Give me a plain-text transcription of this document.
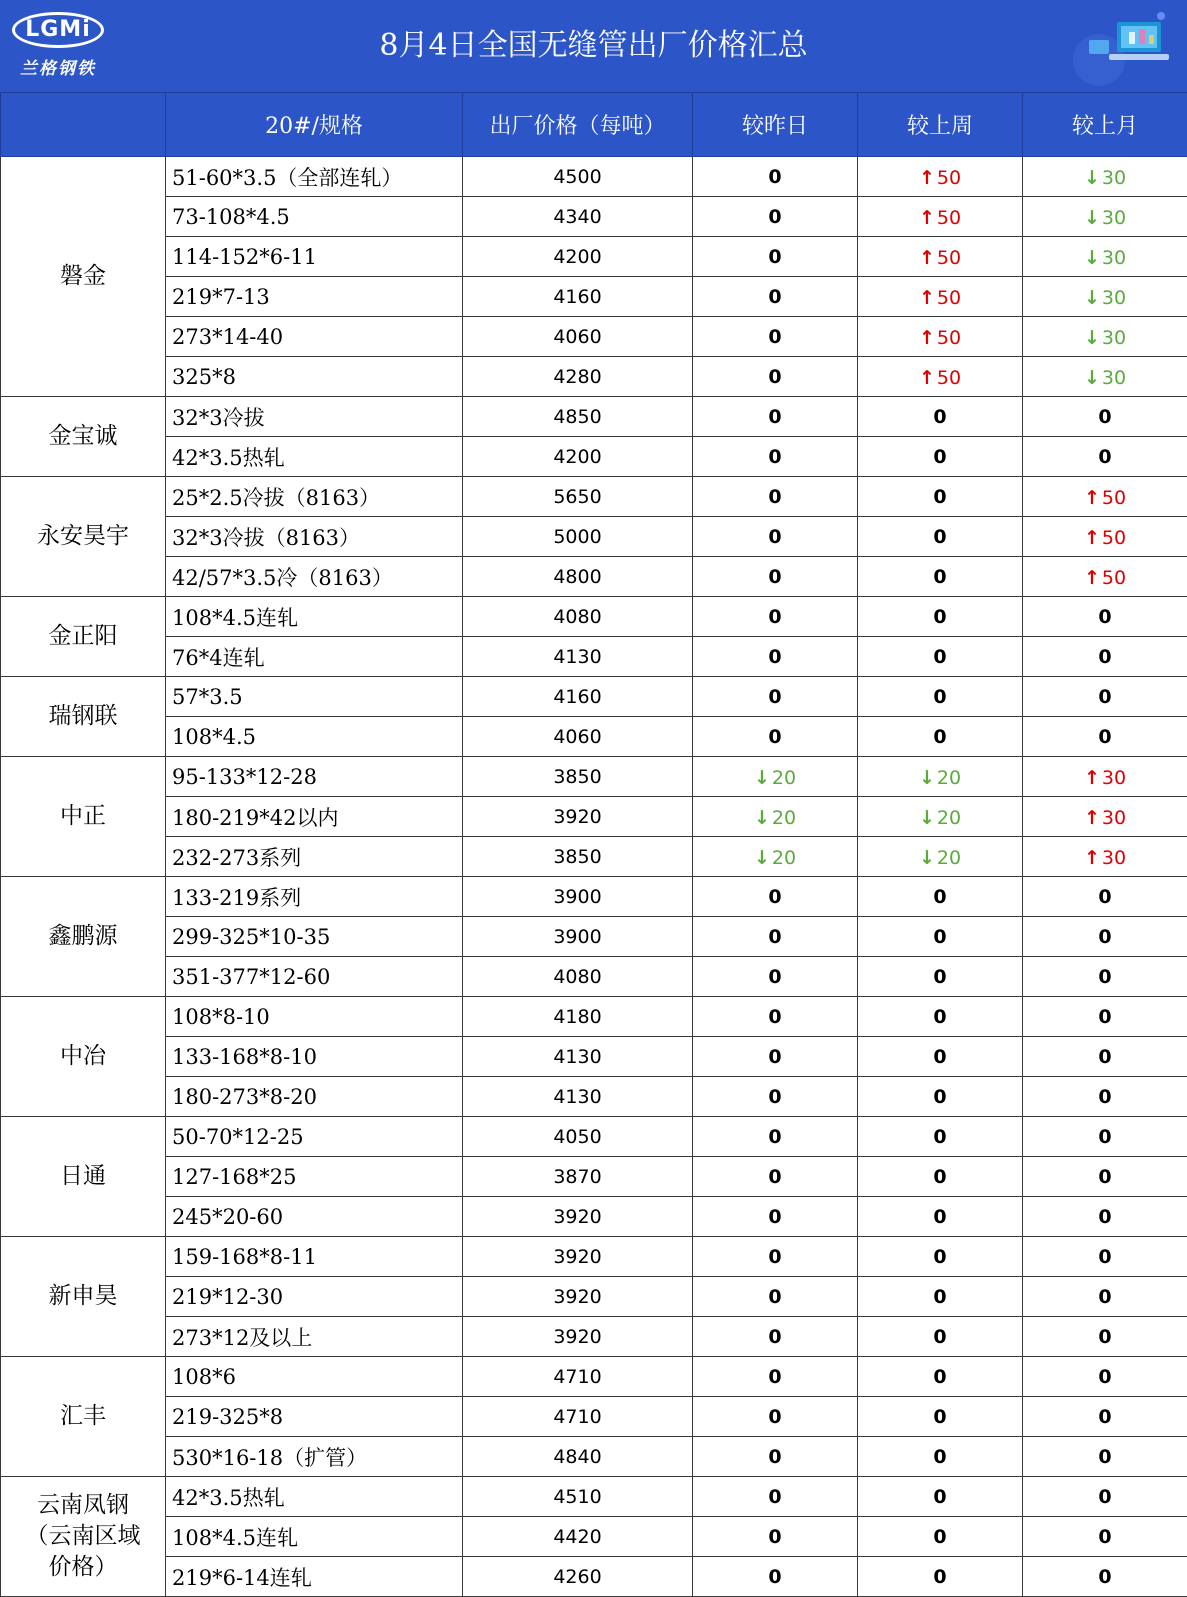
LGMi
兰格钢铁
8月4日全国无缝管出厂价格汇总
	20#/规格	出厂价格（每吨）	较昨日	较上周	较上月
磐金	51-60*3.5（全部连轧）	4500	0	↑ 50	↓ 30
	73-108*4.5	4340	0	↑ 50	↓ 30
	114-152*6-11	4200	0	↑ 50	↓ 30
	219*7-13	4160	0	↑ 50	↓ 30
	273*14-40	4060	0	↑ 50	↓ 30
	325*8	4280	0	↑ 50	↓ 30
金宝诚	32*3冷拔	4850	0	0	0
	42*3.5热轧	4200	0	0	0
永安昊宇	25*2.5冷拔（8163）	5650	0	0	↑ 50
	32*3冷拔（8163）	5000	0	0	↑ 50
	42/57*3.5冷（8163）	4800	0	0	↑ 50
金正阳	108*4.5连轧	4080	0	0	0
	76*4连轧	4130	0	0	0
瑞钢联	57*3.5	4160	0	0	0
	108*4.5	4060	0	0	0
中正	95-133*12-28	3850	↓ 20	↓ 20	↑ 30
	180-219*42以内	3920	↓ 20	↓ 20	↑ 30
	232-273系列	3850	↓ 20	↓ 20	↑ 30
鑫鹏源	133-219系列	3900	0	0	0
	299-325*10-35	3900	0	0	0
	351-377*12-60	4080	0	0	0
中冶	108*8-10	4180	0	0	0
	133-168*8-10	4130	0	0	0
	180-273*8-20	4130	0	0	0
日通	50-70*12-25	4050	0	0	0
	127-168*25	3870	0	0	0
	245*20-60	3920	0	0	0
新申昊	159-168*8-11	3920	0	0	0
	219*12-30	3920	0	0	0
	273*12及以上	3920	0	0	0
汇丰	108*6	4710	0	0	0
	219-325*8	4710	0	0	0
	530*16-18（扩管）	4840	0	0	0
云南凤钢
（云南区域
价格）	42*3.5热轧	4510	0	0	0
	108*4.5连轧	4420	0	0	0
	219*6-14连轧	4260	0	0	0
